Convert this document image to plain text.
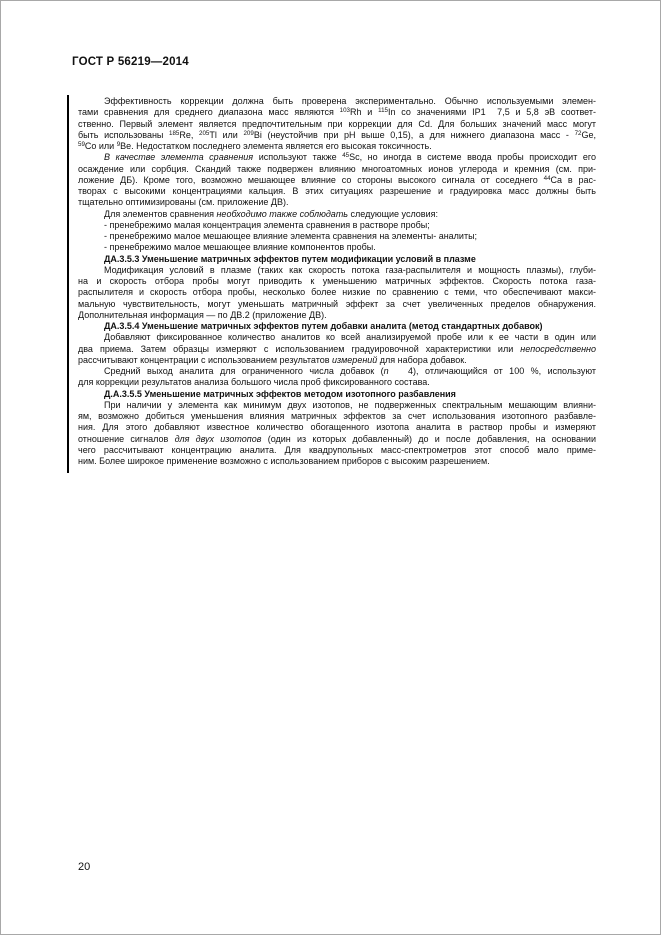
ГОСТ Р 56219—2014
Эффективность коррекции должна быть проверена экспериментально. Обычно используемыми элемен-
тами сравнения для среднего диапазона масс являются $^{103}$Rh и $^{115}$In со значениями IP1  7,5 и 5,8 эВ соответ-
ственно. Первый элемент является предпочтительным при коррекции для Cd. Для больших значений масс могут
быть использованы $^{185}$Re, $^{205}$Tl или $^{209}$Bi (неустойчив при pH выше 0,15), а для нижнего диапазона масс - $^{72}$Ge,
$^{59}$Co или $^9$Be. Недостатком последнего элемента является его высокая токсичность.
В качестве элемента сравнения используют также $^{45}$Sc, но иногда в системе ввода пробы происходит его
осаждение или сорбция. Скандий также подвержен влиянию многоатомных ионов углерода и кремния (см. при-
ложение ДБ). Кроме того, возможно мешающее влияние со стороны высокого сигнала от соседнего $^{44}$Ca в рас-
творах с высокими концентрациями кальция. В этих ситуациях разрешение и градуировка масс должны быть
тщательно оптимизированы (см. приложение ДВ).
Для элементов сравнения необходимо также соблюдать следующие условия:
- пренебрежимо малая концентрация элемента сравнения в растворе пробы;
- пренебрежимо малое мешающее влияние элемента сравнения на элементы- аналиты;
- пренебрежимо малое мешающее влияние компонентов пробы.
ДА.3.5.3 Уменьшение матричных эффектов путем модификации условий в плазме
Модификация условий в плазме (таких как скорость потока газа-распылителя и мощность плазмы), глуби-
на и скорость отбора пробы могут приводить к уменьшению матричных эффектов. Скорость потока газа-
распылителя и скорость отбора пробы, несколько более низкие по сравнению с теми, что обеспечивают макси-
мальную чувствительность, могут уменьшать матричный эффект за счет увеличенных пределов обнаружения.
Дополнительная информация — по ДВ.2 (приложение ДВ).
ДА.3.5.4 Уменьшение матричных эффектов путем добавки аналита (метод стандартных добавок)
Добавляют фиксированное количество аналитов ко всей анализируемой пробе или к ее части в один или
два приема. Затем образцы измеряют с использованием градуировочной характеристики или непосредственно
рассчитывают концентрации с использованием результатов измерений для набора добавок.
Средний выход аналита для ограниченного числа добавок (n   4), отличающийся от 100 %, используют
для коррекции результатов анализа большого числа проб фиксированного состава.
Д.А.3.5.5 Уменьшение матричных эффектов методом изотопного разбавления
При наличии у элемента как минимум двух изотопов, не подверженных спектральным мешающим влияни-
ям, возможно добиться уменьшения влияния матричных эффектов за счет использования изотопного разбавле-
ния. Для этого добавляют известное количество обогащенного изотопа аналита в раствор пробы и измеряют
отношение сигналов для двух изотопов (один из которых добавленный) до и после добавления, на основании
чего рассчитывают концентрацию аналита. Для квадрупольных масс-спектрометров этот способ мало приме-
ним. Более широкое применение возможно с использованием приборов с высоким разрешением.
20
